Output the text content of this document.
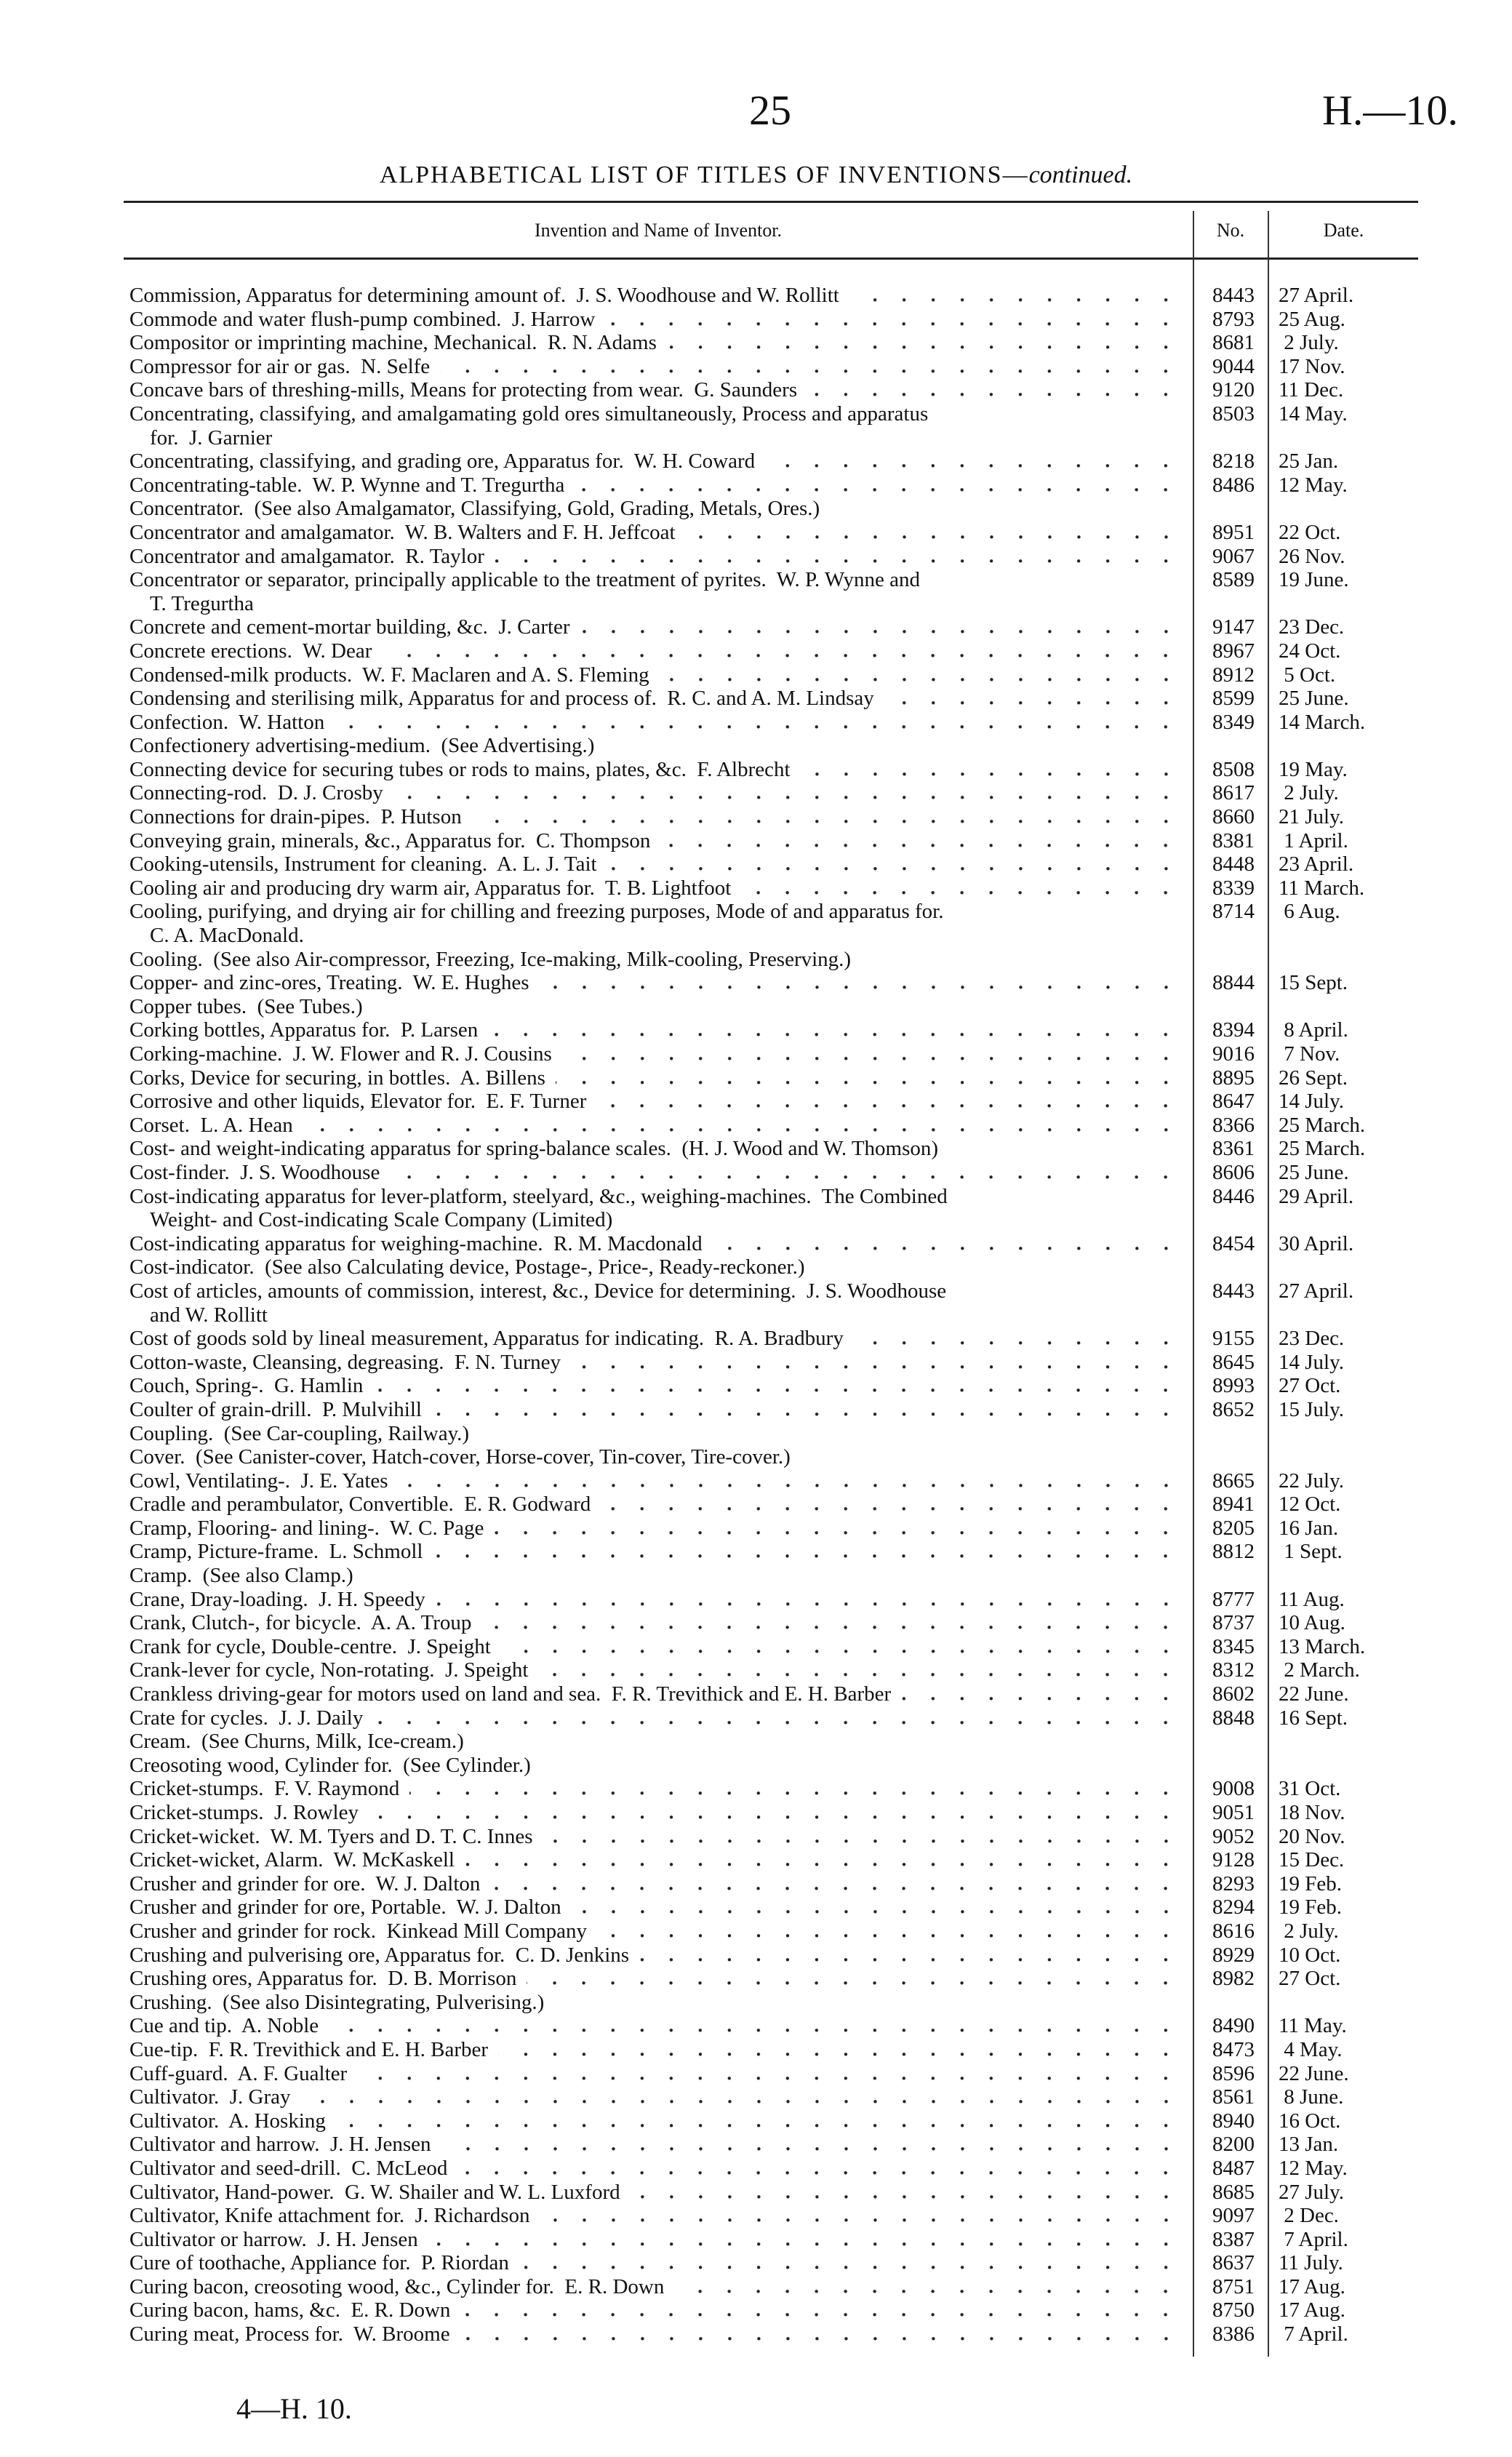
25	H.—10.
ALPHABETICAL LIST OF TITLES OF INVENTIONS—continued.
Invention and Name of Inventor.	No.	Date.
Commission, Apparatus for determining amount of.  J. S. Woodhouse and W. Rollitt	8443	27 April.
Commode and water flush-pump combined.  J. Harrow	8793	25 Aug.
Compositor or imprinting machine, Mechanical.  R. N. Adams	8681	2 July.
Compressor for air or gas.  N. Selfe	9044	17 Nov.
Concave bars of threshing-mills, Means for protecting from wear.  G. Saunders	9120	11 Dec.
Concentrating, classifying, and amalgamating gold ores simultaneously, Process and apparatus	8503	14 May.
for.  J. Garnier
Concentrating, classifying, and grading ore, Apparatus for.  W. H. Coward	8218	25 Jan.
Concentrating-table.  W. P. Wynne and T. Tregurtha	8486	12 May.
Concentrator.  (See also Amalgamator, Classifying, Gold, Grading, Metals, Ores.)
Concentrator and amalgamator.  W. B. Walters and F. H. Jeffcoat	8951	22 Oct.
Concentrator and amalgamator.  R. Taylor	9067	26 Nov.
Concentrator or separator, principally applicable to the treatment of pyrites.  W. P. Wynne and	8589	19 June.
T. Tregurtha
Concrete and cement-mortar building, &c.  J. Carter	9147	23 Dec.
Concrete erections.  W. Dear	8967	24 Oct.
Condensed-milk products.  W. F. Maclaren and A. S. Fleming	8912	5 Oct.
Condensing and sterilising milk, Apparatus for and process of.  R. C. and A. M. Lindsay	8599	25 June.
Confection.  W. Hatton	8349	14 March.
Confectionery advertising-medium.  (See Advertising.)
Connecting device for securing tubes or rods to mains, plates, &c.  F. Albrecht	8508	19 May.
Connecting-rod.  D. J. Crosby	8617	2 July.
Connections for drain-pipes.  P. Hutson	8660	21 July.
Conveying grain, minerals, &c., Apparatus for.  C. Thompson	8381	1 April.
Cooking-utensils, Instrument for cleaning.  A. L. J. Tait	8448	23 April.
Cooling air and producing dry warm air, Apparatus for.  T. B. Lightfoot	8339	11 March.
Cooling, purifying, and drying air for chilling and freezing purposes, Mode of and apparatus for.	8714	6 Aug.
C. A. MacDonald.
Cooling.  (See also Air-compressor, Freezing, Ice-making, Milk-cooling, Preserving.)
Copper- and zinc-ores, Treating.  W. E. Hughes	8844	15 Sept.
Copper tubes.  (See Tubes.)
Corking bottles, Apparatus for.  P. Larsen	8394	8 April.
Corking-machine.  J. W. Flower and R. J. Cousins	9016	7 Nov.
Corks, Device for securing, in bottles.  A. Billens	8895	26 Sept.
Corrosive and other liquids, Elevator for.  E. F. Turner	8647	14 July.
Corset.  L. A. Hean	8366	25 March.
Cost- and weight-indicating apparatus for spring-balance scales.  (H. J. Wood and W. Thomson)	8361	25 March.
Cost-finder.  J. S. Woodhouse	8606	25 June.
Cost-indicating apparatus for lever-platform, steelyard, &c., weighing-machines.  The Combined	8446	29 April.
Weight- and Cost-indicating Scale Company (Limited)
Cost-indicating apparatus for weighing-machine.  R. M. Macdonald	8454	30 April.
Cost-indicator.  (See also Calculating device, Postage-, Price-, Ready-reckoner.)
Cost of articles, amounts of commission, interest, &c., Device for determining.  J. S. Woodhouse	8443	27 April.
and W. Rollitt
Cost of goods sold by lineal measurement, Apparatus for indicating.  R. A. Bradbury	9155	23 Dec.
Cotton-waste, Cleansing, degreasing.  F. N. Turney	8645	14 July.
Couch, Spring-.  G. Hamlin	8993	27 Oct.
Coulter of grain-drill.  P. Mulvihill	8652	15 July.
Coupling.  (See Car-coupling, Railway.)
Cover.  (See Canister-cover, Hatch-cover, Horse-cover, Tin-cover, Tire-cover.)
Cowl, Ventilating-.  J. E. Yates	8665	22 July.
Cradle and perambulator, Convertible.  E. R. Godward	8941	12 Oct.
Cramp, Flooring- and lining-.  W. C. Page	8205	16 Jan.
Cramp, Picture-frame.  L. Schmoll	8812	1 Sept.
Cramp.  (See also Clamp.)
Crane, Dray-loading.  J. H. Speedy	8777	11 Aug.
Crank, Clutch-, for bicycle.  A. A. Troup	8737	10 Aug.
Crank for cycle, Double-centre.  J. Speight	8345	13 March.
Crank-lever for cycle, Non-rotating.  J. Speight	8312	2 March.
Crankless driving-gear for motors used on land and sea.  F. R. Trevithick and E. H. Barber	8602	22 June.
Crate for cycles.  J. J. Daily	8848	16 Sept.
Cream.  (See Churns, Milk, Ice-cream.)
Creosoting wood, Cylinder for.  (See Cylinder.)
Cricket-stumps.  F. V. Raymond	9008	31 Oct.
Cricket-stumps.  J. Rowley	9051	18 Nov.
Cricket-wicket.  W. M. Tyers and D. T. C. Innes	9052	20 Nov.
Cricket-wicket, Alarm.  W. McKaskell	9128	15 Dec.
Crusher and grinder for ore.  W. J. Dalton	8293	19 Feb.
Crusher and grinder for ore, Portable.  W. J. Dalton	8294	19 Feb.
Crusher and grinder for rock.  Kinkead Mill Company	8616	2 July.
Crushing and pulverising ore, Apparatus for.  C. D. Jenkins	8929	10 Oct.
Crushing ores, Apparatus for.  D. B. Morrison	8982	27 Oct.
Crushing.  (See also Disintegrating, Pulverising.)
Cue and tip.  A. Noble	8490	11 May.
Cue-tip.  F. R. Trevithick and E. H. Barber	8473	4 May.
Cuff-guard.  A. F. Gualter	8596	22 June.
Cultivator.  J. Gray	8561	8 June.
Cultivator.  A. Hosking	8940	16 Oct.
Cultivator and harrow.  J. H. Jensen	8200	13 Jan.
Cultivator and seed-drill.  C. McLeod	8487	12 May.
Cultivator, Hand-power.  G. W. Shailer and W. L. Luxford	8685	27 July.
Cultivator, Knife attachment for.  J. Richardson	9097	2 Dec.
Cultivator or harrow.  J. H. Jensen	8387	7 April.
Cure of toothache, Appliance for.  P. Riordan	8637	11 July.
Curing bacon, creosoting wood, &c., Cylinder for.  E. R. Down	8751	17 Aug.
Curing bacon, hams, &c.  E. R. Down	8750	17 Aug.
Curing meat, Process for.  W. Broome	8386	7 April.
4—H. 10.
